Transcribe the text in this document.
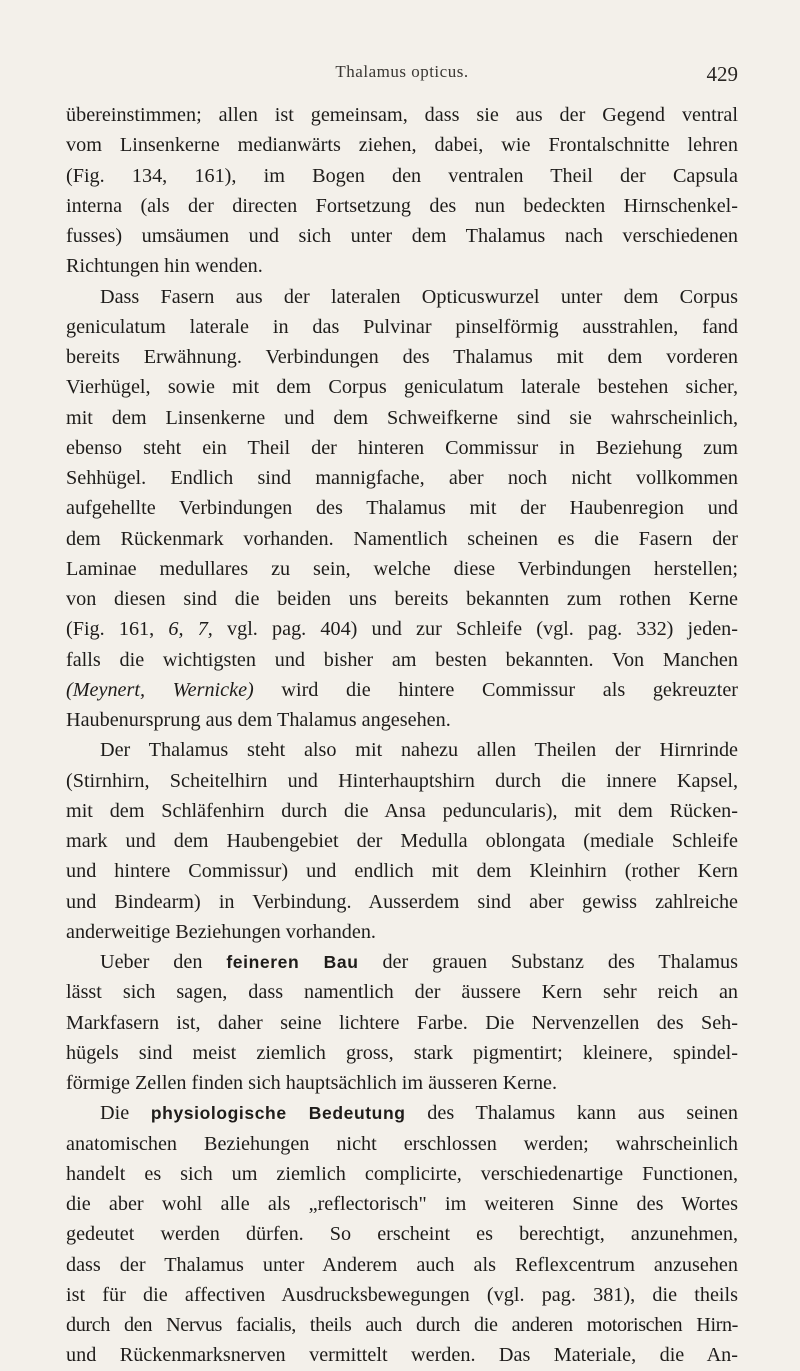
Thalamus opticus.	429
übereinstimmen; allen ist gemeinsam, dass sie aus der Gegend ventral
vom Linsenkerne medianwärts ziehen, dabei, wie Frontalschnitte lehren
(Fig. 134, 161), im Bogen den ventralen Theil der Capsula
interna (als der directen Fortsetzung des nun bedeckten Hirnschenkel-
fusses) umsäumen und sich unter dem Thalamus nach verschiedenen
Richtungen hin wenden.
Dass Fasern aus der lateralen Opticuswurzel unter dem Corpus
geniculatum laterale in das Pulvinar pinselförmig ausstrahlen, fand
bereits Erwähnung. Verbindungen des Thalamus mit dem vorderen
Vierhügel, sowie mit dem Corpus geniculatum laterale bestehen sicher,
mit dem Linsenkerne und dem Schweifkerne sind sie wahrscheinlich,
ebenso steht ein Theil der hinteren Commissur in Beziehung zum
Sehhügel. Endlich sind mannigfache, aber noch nicht vollkommen
aufgehellte Verbindungen des Thalamus mit der Haubenregion und
dem Rückenmark vorhanden. Namentlich scheinen es die Fasern der
Laminae medullares zu sein, welche diese Verbindungen herstellen;
von diesen sind die beiden uns bereits bekannten zum rothen Kerne
(Fig. 161, 6, 7, vgl. pag. 404) und zur Schleife (vgl. pag. 332) jeden-
falls die wichtigsten und bisher am besten bekannten. Von Manchen
(Meynert, Wernicke) wird die hintere Commissur als gekreuzter
Haubenursprung aus dem Thalamus angesehen.
Der Thalamus steht also mit nahezu allen Theilen der Hirnrinde
(Stirnhirn, Scheitelhirn und Hinterhauptshirn durch die innere Kapsel,
mit dem Schläfenhirn durch die Ansa peduncularis), mit dem Rücken-
mark und dem Haubengebiet der Medulla oblongata (mediale Schleife
und hintere Commissur) und endlich mit dem Kleinhirn (rother Kern
und Bindearm) in Verbindung. Ausserdem sind aber gewiss zahlreiche
anderweitige Beziehungen vorhanden.
Ueber den feineren Bau der grauen Substanz des Thalamus
lässt sich sagen, dass namentlich der äussere Kern sehr reich an
Markfasern ist, daher seine lichtere Farbe. Die Nervenzellen des Seh-
hügels sind meist ziemlich gross, stark pigmentirt; kleinere, spindel-
förmige Zellen finden sich hauptsächlich im äusseren Kerne.
Die physiologische Bedeutung des Thalamus kann aus seinen
anatomischen Beziehungen nicht erschlossen werden; wahrscheinlich
handelt es sich um ziemlich complicirte, verschiedenartige Functionen,
die aber wohl alle als „reflectorisch" im weiteren Sinne des Wortes
gedeutet werden dürfen. So erscheint es berechtigt, anzunehmen,
dass der Thalamus unter Anderem auch als Reflexcentrum anzusehen
ist für die affectiven Ausdrucksbewegungen (vgl. pag. 381), die theils
durch den Nervus facialis, theils auch durch die anderen motorischen Hirn-
und Rückenmarksnerven vermittelt werden. Das Materiale, die An-
